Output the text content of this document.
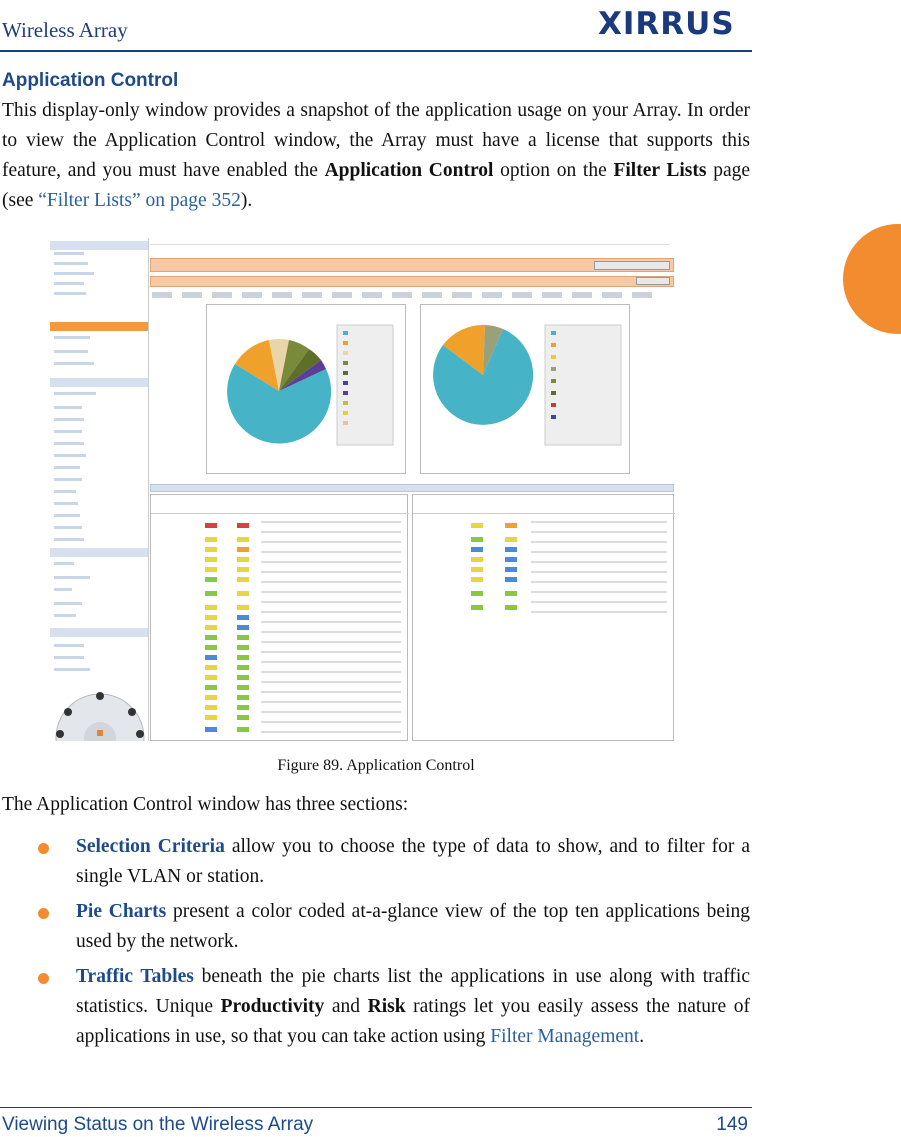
Wireless Array	XIRRUS
Application Control
This display-only window provides a snapshot of the application usage on your Array. In order to view the Application Control window, the Array must have a license that supports this feature, and you must have enabled the Application Control option on the Filter Lists page (see “Filter Lists” on page 352).
Figure 89. Application Control
The Application Control window has three sections:
Selection Criteria allow you to choose the type of data to show, and to filter for a single VLAN or station.
Pie Charts present a color coded at-a-glance view of the top ten applications being used by the network.
Traffic Tables beneath the pie charts list the applications in use along with traffic statistics. Unique Productivity and Risk ratings let you easily assess the nature of applications in use, so that you can take action using Filter Management.
Viewing Status on the Wireless Array	149
